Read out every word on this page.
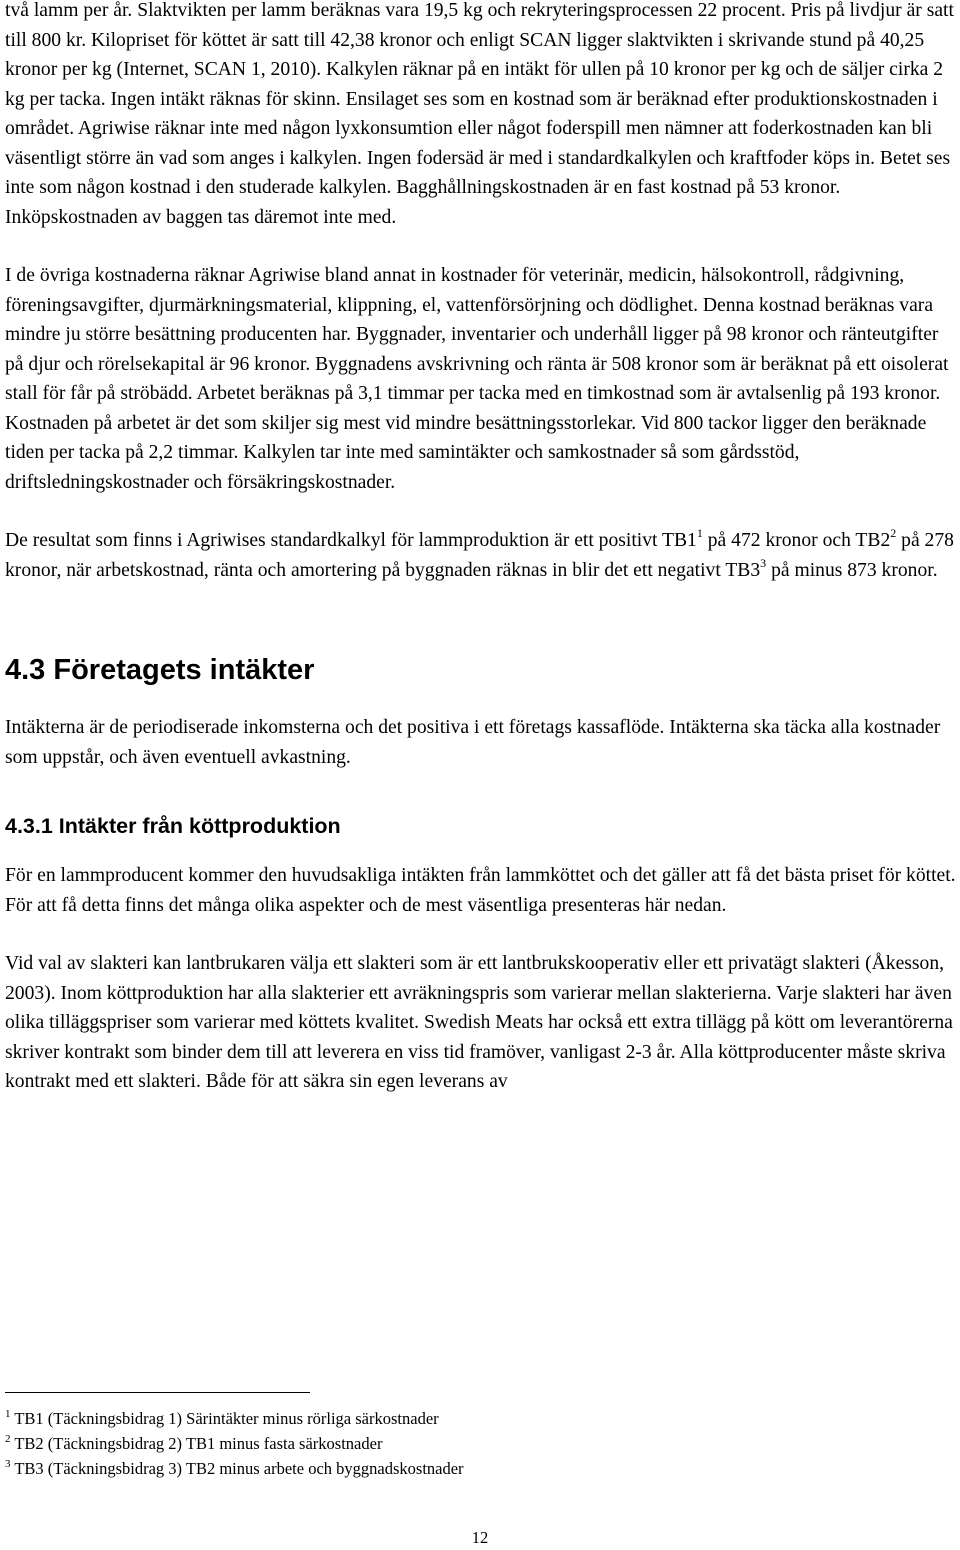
två lamm per år. Slaktvikten per lamm beräknas vara 19,5 kg och rekryteringsprocessen 22 procent. Pris på livdjur är satt till 800 kr. Kilopriset för köttet är satt till 42,38 kronor och enligt SCAN ligger slaktvikten i skrivande stund på 40,25 kronor per kg (Internet, SCAN 1, 2010). Kalkylen räknar på en intäkt för ullen på 10 kronor per kg och de säljer cirka 2 kg per tacka. Ingen intäkt räknas för skinn. Ensilaget ses som en kostnad som är beräknad efter produktionskostnaden i området. Agriwise räknar inte med någon lyxkonsumtion eller något foderspill men nämner att foderkostnaden kan bli väsentligt större än vad som anges i kalkylen. Ingen fodersäd är med i standardkalkylen och kraftfoder köps in. Betet ses inte som någon kostnad i den studerade kalkylen. Bagghållningskostnaden är en fast kostnad på 53 kronor. Inköpskostnaden av baggen tas däremot inte med.

I de övriga kostnaderna räknar Agriwise bland annat in kostnader för veterinär, medicin, hälsokontroll, rådgivning, föreningsavgifter, djurmärkningsmaterial, klippning, el, vattenförsörjning och dödlighet. Denna kostnad beräknas vara mindre ju större besättning producenten har. Byggnader, inventarier och underhåll ligger på 98 kronor och ränteutgifter på djur och rörelsekapital är 96 kronor. Byggnadens avskrivning och ränta är 508 kronor som är beräknat på ett oisolerat stall för får på ströbädd. Arbetet beräknas på 3,1 timmar per tacka med en timkostnad som är avtalsenlig på 193 kronor. Kostnaden på arbetet är det som skiljer sig mest vid mindre besättningsstorlekar. Vid 800 tackor ligger den beräknade tiden per tacka på 2,2 timmar. Kalkylen tar inte med samintäkter och samkostnader så som gårdsstöd, driftsledningskostnader och försäkringskostnader.

De resultat som finns i Agriwises standardkalkyl för lammproduktion är ett positivt $TB1^1$ på 472 kronor och $TB2^2$ på 278 kronor, när arbetskostnad, ränta och amortering på byggnaden räknas in blir det ett negativt $TB3^3$ på minus 873 kronor.

4.3 Företagets intäkter

Intäkterna är de periodiserade inkomsterna och det positiva i ett företags kassaflöde. Intäkterna ska täcka alla kostnader som uppstår, och även eventuell avkastning.

4.3.1 Intäkter från köttproduktion

För en lammproducent kommer den huvudsakliga intäkten från lammköttet och det gäller att få det bästa priset för köttet. För att få detta finns det många olika aspekter och de mest väsentliga presenteras här nedan.

Vid val av slakteri kan lantbrukaren välja ett slakteri som är ett lantbrukskooperativ eller ett privatägt slakteri (Åkesson, 2003). Inom köttproduktion har alla slakterier ett avräkningspris som varierar mellan slakterierna. Varje slakteri har även olika tilläggspriser som varierar med köttets kvalitet. Swedish Meats har också ett extra tillägg på kött om leverantörerna skriver kontrakt som binder dem till att leverera en viss tid framöver, vanligast 2-3 år. Alla köttproducenter måste skriva kontrakt med ett slakteri. Både för att säkra sin egen leverans av

$^1$ TB1 (Täckningsbidrag 1) Särintäkter minus rörliga särkostnader
$^2$ TB2 (Täckningsbidrag 2) TB1 minus fasta särkostnader
$^3$ TB3 (Täckningsbidrag 3) TB2 minus arbete och byggnadskostnader
12
